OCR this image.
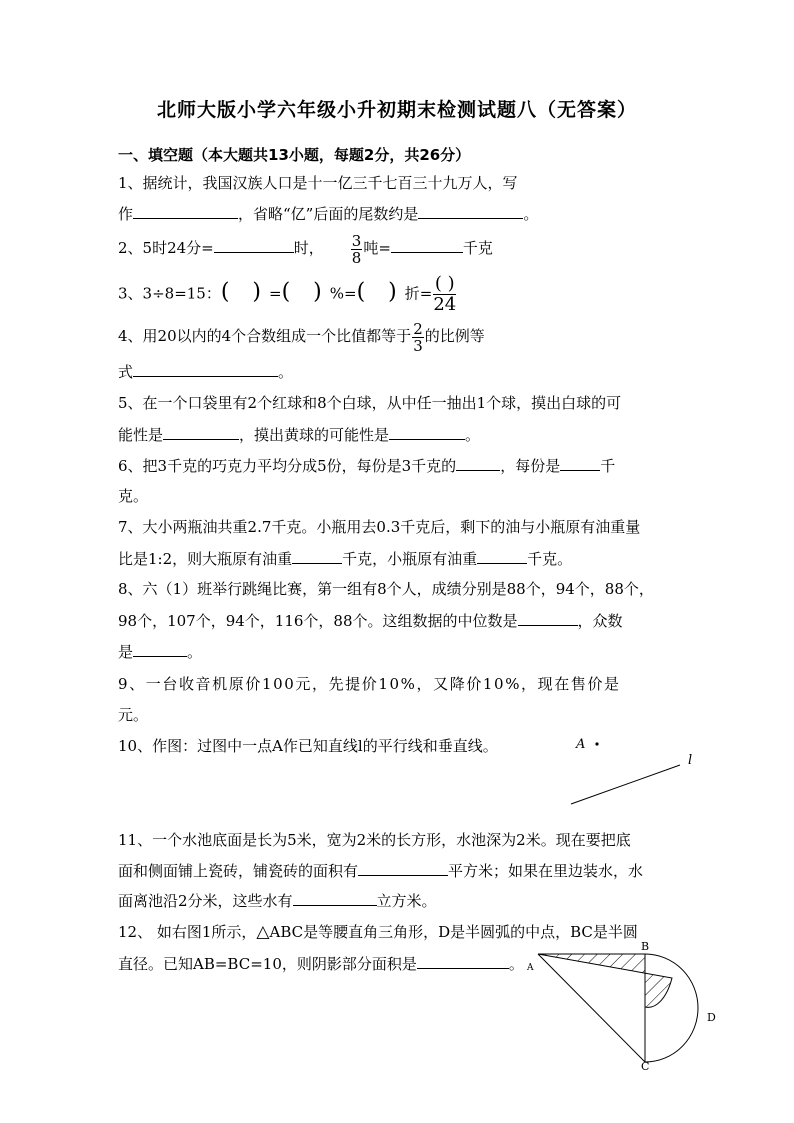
北师大版小学六年级小升初期末检测试题八（无答案）
一、填空题（本大题共13小题，每题2分，共26分）
1、据统计，我国汉族人口是十一亿三千七百三十九万人，写
作	，省略“亿”后面的尾数约是	。
2、5时24分=	时， $\frac{3}{8}$ 吨=	千克
3、3÷8=15：( )=( )%=( )折= $\frac{( )}{24}$
4、用20以内的4个合数组成一个比值都等于 $\frac{2}{3}$ 的比例等
式	。
5、在一个口袋里有2个红球和8个白球，从中任一抽出1个球，摸出白球的可
能性是	，摸出黄球的可能性是	。
6、把3千克的巧克力平均分成5份，每份是3千克的	，每份是	千
克。
7、大小两瓶油共重2.7千克。小瓶用去0.3千克后，剩下的油与小瓶原有油重量
比是1:2，则大瓶原有油重	千克，小瓶原有油重	千克。
8、六（1）班举行跳绳比赛，第一组有8个人，成绩分别是88个，94个，88个，
98个，107个，94个，116个，88个。这组数据的中位数是	，众数
是	。
9、一台收音机原价100元，先提价10%，又降价10%，现在售价是
元。
10、作图：过图中一点A作已知直线l的平行线和垂直线。	A
l
11、一个水池底面是长为5米，宽为2米的长方形，水池深为2米。现在要把底
面和侧面铺上瓷砖，铺瓷砖的面积有	平方米；如果在里边装水，水
面离池沿2分米，这些水有	立方米。
12、 如右图1所示，△ABC是等腰直角三角形，D是半圆弧的中点，BC是半圆
直径。已知AB=BC=10，则阴影部分面积是	。 A
B
D
C
